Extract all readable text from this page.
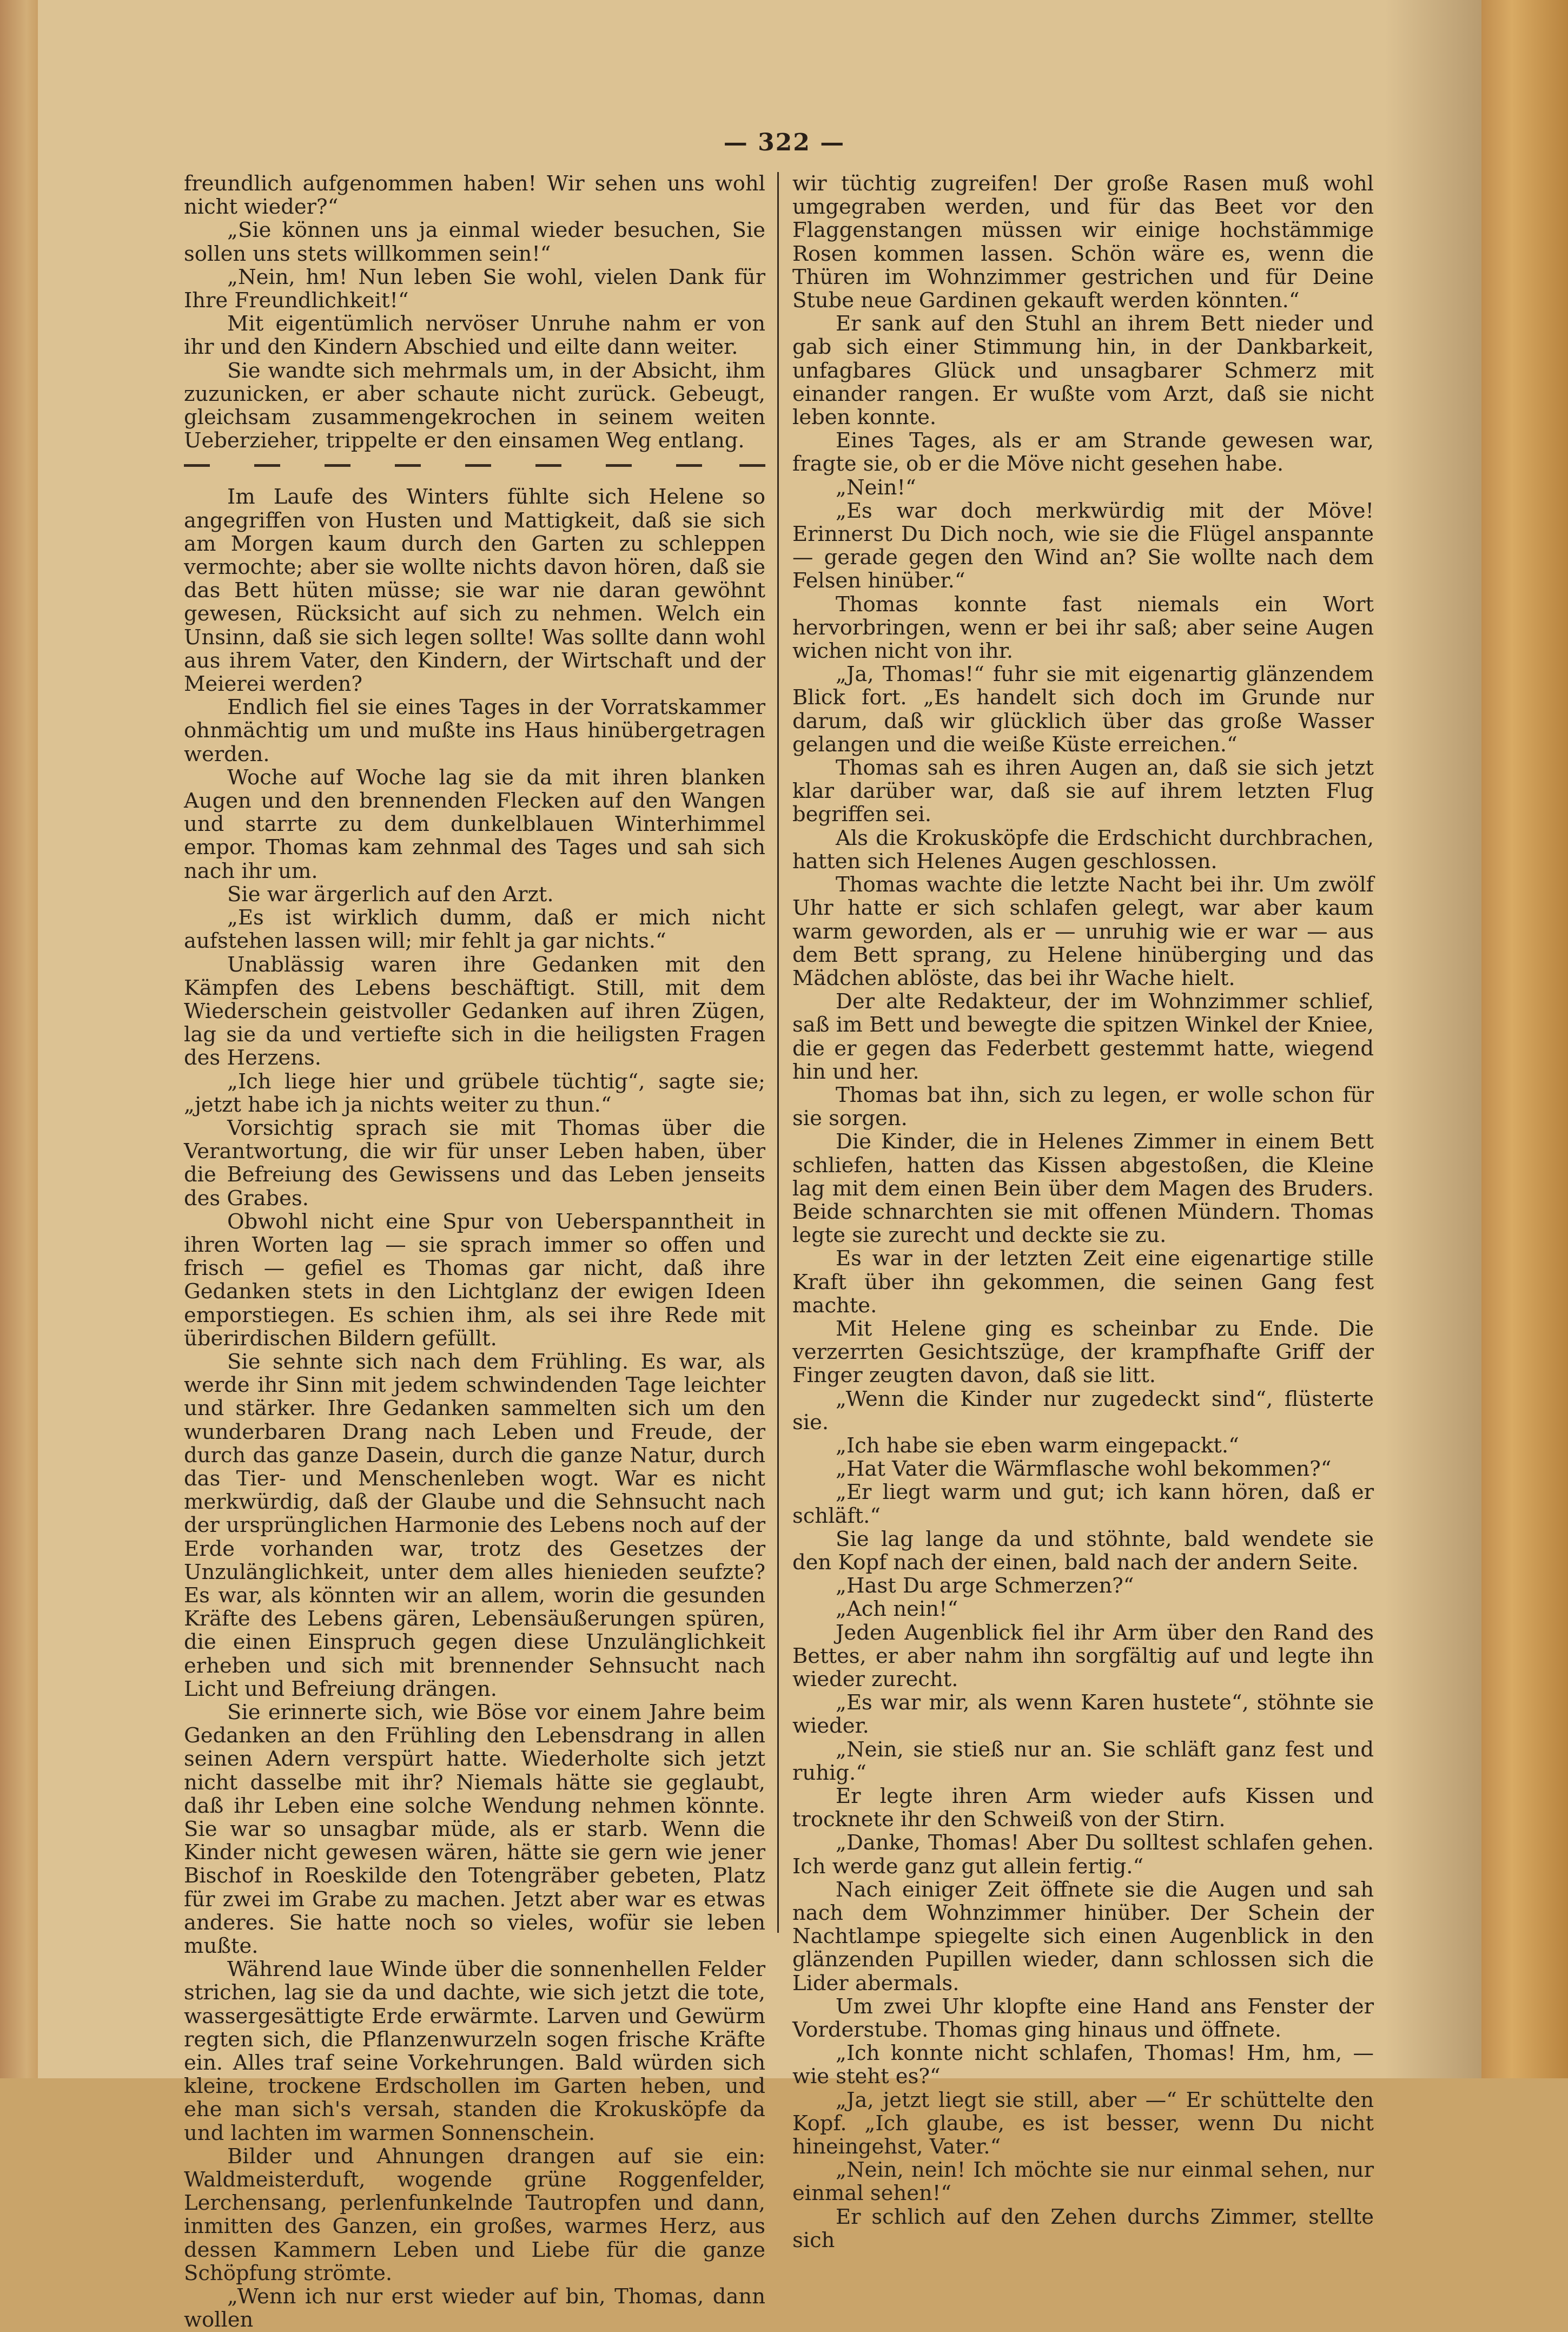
— 322 —

freundlich aufgenommen haben! Wir sehen uns wohl nicht wieder?“

„Sie können uns ja einmal wieder besuchen, Sie sollen uns stets willkommen sein!“

„Nein, hm! Nun leben Sie wohl, vielen Dank für Ihre Freundlichkeit!“

Mit eigentümlich nervöser Unruhe nahm er von ihr und den Kindern Abschied und eilte dann weiter.

Sie wandte sich mehrmals um, in der Absicht, ihm zuzunicken, er aber schaute nicht zurück. Gebeugt, gleichsam zusammengekrochen in seinem weiten Ueberzieher, trippelte er den einsamen Weg entlang.

Im Laufe des Winters fühlte sich Helene so angegriffen von Husten und Mattigkeit, daß sie sich am Morgen kaum durch den Garten zu schleppen vermochte; aber sie wollte nichts davon hören, daß sie das Bett hüten müsse; sie war nie daran gewöhnt gewesen, Rücksicht auf sich zu nehmen. Welch ein Unsinn, daß sie sich legen sollte! Was sollte dann wohl aus ihrem Vater, den Kindern, der Wirtschaft und der Meierei werden?

Endlich fiel sie eines Tages in der Vorratskammer ohnmächtig um und mußte ins Haus hinübergetragen werden.

Woche auf Woche lag sie da mit ihren blanken Augen und den brennenden Flecken auf den Wangen und starrte zu dem dunkelblauen Winterhimmel empor. Thomas kam zehnmal des Tages und sah sich nach ihr um.

Sie war ärgerlich auf den Arzt.

„Es ist wirklich dumm, daß er mich nicht aufstehen lassen will; mir fehlt ja gar nichts.“

Unablässig waren ihre Gedanken mit den Kämpfen des Lebens beschäftigt. Still, mit dem Wiederschein geistvoller Gedanken auf ihren Zügen, lag sie da und vertiefte sich in die heiligsten Fragen des Herzens.

„Ich liege hier und grübele tüchtig“, sagte sie; „jetzt habe ich ja nichts weiter zu thun.“

Vorsichtig sprach sie mit Thomas über die Verantwortung, die wir für unser Leben haben, über die Befreiung des Gewissens und das Leben jenseits des Grabes.

Obwohl nicht eine Spur von Ueberspanntheit in ihren Worten lag — sie sprach immer so offen und frisch — gefiel es Thomas gar nicht, daß ihre Gedanken stets in den Lichtglanz der ewigen Ideen emporstiegen. Es schien ihm, als sei ihre Rede mit überirdischen Bildern gefüllt.

Sie sehnte sich nach dem Frühling. Es war, als werde ihr Sinn mit jedem schwindenden Tage leichter und stärker. Ihre Gedanken sammelten sich um den wunderbaren Drang nach Leben und Freude, der durch das ganze Dasein, durch die ganze Natur, durch das Tier- und Menschenleben wogt. War es nicht merkwürdig, daß der Glaube und die Sehnsucht nach der ursprünglichen Harmonie des Lebens noch auf der Erde vorhanden war, trotz des Gesetzes der Unzulänglichkeit, unter dem alles hienieden seufzte? Es war, als könnten wir an allem, worin die gesunden Kräfte des Lebens gären, Lebensäußerungen spüren, die einen Einspruch gegen diese Unzulänglichkeit erheben und sich mit brennender Sehnsucht nach Licht und Befreiung drängen.

Sie erinnerte sich, wie Böse vor einem Jahre beim Gedanken an den Frühling den Lebensdrang in allen seinen Adern verspürt hatte. Wiederholte sich jetzt nicht dasselbe mit ihr? Niemals hätte sie geglaubt, daß ihr Leben eine solche Wendung nehmen könnte. Sie war so unsagbar müde, als er starb. Wenn die Kinder nicht gewesen wären, hätte sie gern wie jener Bischof in Roeskilde den Totengräber gebeten, Platz für zwei im Grabe zu machen. Jetzt aber war es etwas anderes. Sie hatte noch so vieles, wofür sie leben mußte.

Während laue Winde über die sonnenhellen Felder strichen, lag sie da und dachte, wie sich jetzt die tote, wassergesättigte Erde erwärmte. Larven und Gewürm regten sich, die Pflanzenwurzeln sogen frische Kräfte ein. Alles traf seine Vorkehrungen. Bald würden sich kleine, trockene Erdschollen im Garten heben, und ehe man sich's versah, standen die Krokusköpfe da und lachten im warmen Sonnenschein.

Bilder und Ahnungen drangen auf sie ein: Waldmeisterduft, wogende grüne Roggenfelder, Lerchensang, perlenfunkelnde Tautropfen und dann, inmitten des Ganzen, ein großes, warmes Herz, aus dessen Kammern Leben und Liebe für die ganze Schöpfung strömte.

„Wenn ich nur erst wieder auf bin, Thomas, dann wollen

wir tüchtig zugreifen! Der große Rasen muß wohl umgegraben werden, und für das Beet vor den Flaggenstangen müssen wir einige hochstämmige Rosen kommen lassen. Schön wäre es, wenn die Thüren im Wohnzimmer gestrichen und für Deine Stube neue Gardinen gekauft werden könnten.“

Er sank auf den Stuhl an ihrem Bett nieder und gab sich einer Stimmung hin, in der Dankbarkeit, unfagbares Glück und unsagbarer Schmerz mit einander rangen. Er wußte vom Arzt, daß sie nicht leben konnte.

Eines Tages, als er am Strande gewesen war, fragte sie, ob er die Möve nicht gesehen habe.

„Nein!“

„Es war doch merkwürdig mit der Möve! Erinnerst Du Dich noch, wie sie die Flügel anspannte — gerade gegen den Wind an? Sie wollte nach dem Felsen hinüber.“

Thomas konnte fast niemals ein Wort hervorbringen, wenn er bei ihr saß; aber seine Augen wichen nicht von ihr.

„Ja, Thomas!“ fuhr sie mit eigenartig glänzendem Blick fort. „Es handelt sich doch im Grunde nur darum, daß wir glücklich über das große Wasser gelangen und die weiße Küste erreichen.“

Thomas sah es ihren Augen an, daß sie sich jetzt klar darüber war, daß sie auf ihrem letzten Flug begriffen sei.

Als die Krokusköpfe die Erdschicht durchbrachen, hatten sich Helenes Augen geschlossen.

Thomas wachte die letzte Nacht bei ihr. Um zwölf Uhr hatte er sich schlafen gelegt, war aber kaum warm geworden, als er — unruhig wie er war — aus dem Bett sprang, zu Helene hinüberging und das Mädchen ablöste, das bei ihr Wache hielt.

Der alte Redakteur, der im Wohnzimmer schlief, saß im Bett und bewegte die spitzen Winkel der Kniee, die er gegen das Federbett gestemmt hatte, wiegend hin und her.

Thomas bat ihn, sich zu legen, er wolle schon für sie sorgen.

Die Kinder, die in Helenes Zimmer in einem Bett schliefen, hatten das Kissen abgestoßen, die Kleine lag mit dem einen Bein über dem Magen des Bruders. Beide schnarchten sie mit offenen Mündern. Thomas legte sie zurecht und deckte sie zu.

Es war in der letzten Zeit eine eigenartige stille Kraft über ihn gekommen, die seinen Gang fest machte.

Mit Helene ging es scheinbar zu Ende. Die verzerrten Gesichtszüge, der krampfhafte Griff der Finger zeugten davon, daß sie litt.

„Wenn die Kinder nur zugedeckt sind“, flüsterte sie.

„Ich habe sie eben warm eingepackt.“

„Hat Vater die Wärmflasche wohl bekommen?“

„Er liegt warm und gut; ich kann hören, daß er schläft.“

Sie lag lange da und stöhnte, bald wendete sie den Kopf nach der einen, bald nach der andern Seite.

„Hast Du arge Schmerzen?“

„Ach nein!“

Jeden Augenblick fiel ihr Arm über den Rand des Bettes, er aber nahm ihn sorgfältig auf und legte ihn wieder zurecht.

„Es war mir, als wenn Karen hustete“, stöhnte sie wieder.

„Nein, sie stieß nur an. Sie schläft ganz fest und ruhig.“

Er legte ihren Arm wieder aufs Kissen und trocknete ihr den Schweiß von der Stirn.

„Danke, Thomas! Aber Du solltest schlafen gehen. Ich werde ganz gut allein fertig.“

Nach einiger Zeit öffnete sie die Augen und sah nach dem Wohnzimmer hinüber. Der Schein der Nachtlampe spiegelte sich einen Augenblick in den glänzenden Pupillen wieder, dann schlossen sich die Lider abermals.

Um zwei Uhr klopfte eine Hand ans Fenster der Vorderstube. Thomas ging hinaus und öffnete.

„Ich konnte nicht schlafen, Thomas! Hm, hm, — wie steht es?“

„Ja, jetzt liegt sie still, aber —“ Er schüttelte den Kopf. „Ich glaube, es ist besser, wenn Du nicht hineingehst, Vater.“

„Nein, nein! Ich möchte sie nur einmal sehen, nur einmal sehen!“

Er schlich auf den Zehen durchs Zimmer, stellte sich
